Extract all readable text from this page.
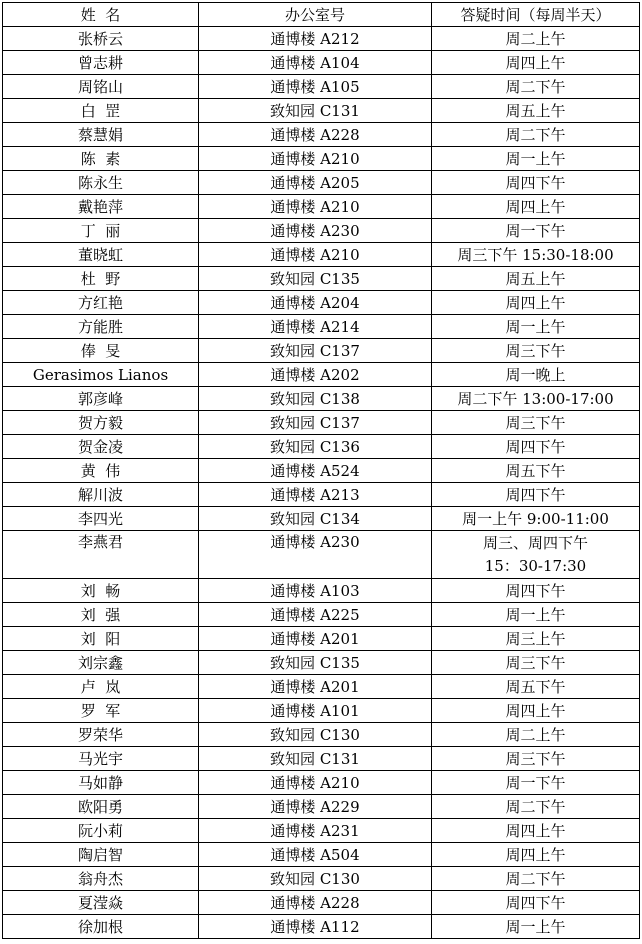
姓  名	办公室号	答疑时间（每周半天）
张桥云	通博楼 A212	周二上午
曾志耕	通博楼 A104	周四上午
周铭山	通博楼 A105	周二下午
白  罡	致知园 C131	周五上午
蔡慧娟	通博楼 A228	周二下午
陈  素	通博楼 A210	周一上午
陈永生	通博楼 A205	周四下午
戴艳萍	通博楼 A210	周四上午
丁  丽	通博楼 A230	周一下午
董晓虹	通博楼 A210	周三下午 15:30-18:00
杜  野	致知园 C135	周五上午
方红艳	通博楼 A204	周四上午
方能胜	通博楼 A214	周一上午
俸  旻	致知园 C137	周三下午
Gerasimos Lianos	通博楼 A202	周一晚上
郭彦峰	致知园 C138	周二下午 13:00-17:00
贺方毅	致知园 C137	周三下午
贺金凌	致知园 C136	周四下午
黄  伟	通博楼 A524	周五下午
解川波	通博楼 A213	周四下午
李四光	致知园 C134	周一上午 9:00-11:00
李燕君	通博楼 A230	周三、周四下午
15：30-17:30
刘  畅	通博楼 A103	周四下午
刘  强	通博楼 A225	周一上午
刘  阳	通博楼 A201	周三上午
刘宗鑫	致知园 C135	周三下午
卢  岚	通博楼 A201	周五下午
罗  军	通博楼 A101	周四上午
罗荣华	致知园 C130	周二上午
马光宇	致知园 C131	周三下午
马如静	通博楼 A210	周一下午
欧阳勇	通博楼 A229	周二下午
阮小莉	通博楼 A231	周四上午
陶启智	通博楼 A504	周四上午
翁舟杰	致知园 C130	周二下午
夏滢焱	通博楼 A228	周四下午
徐加根	通博楼 A112	周一上午
